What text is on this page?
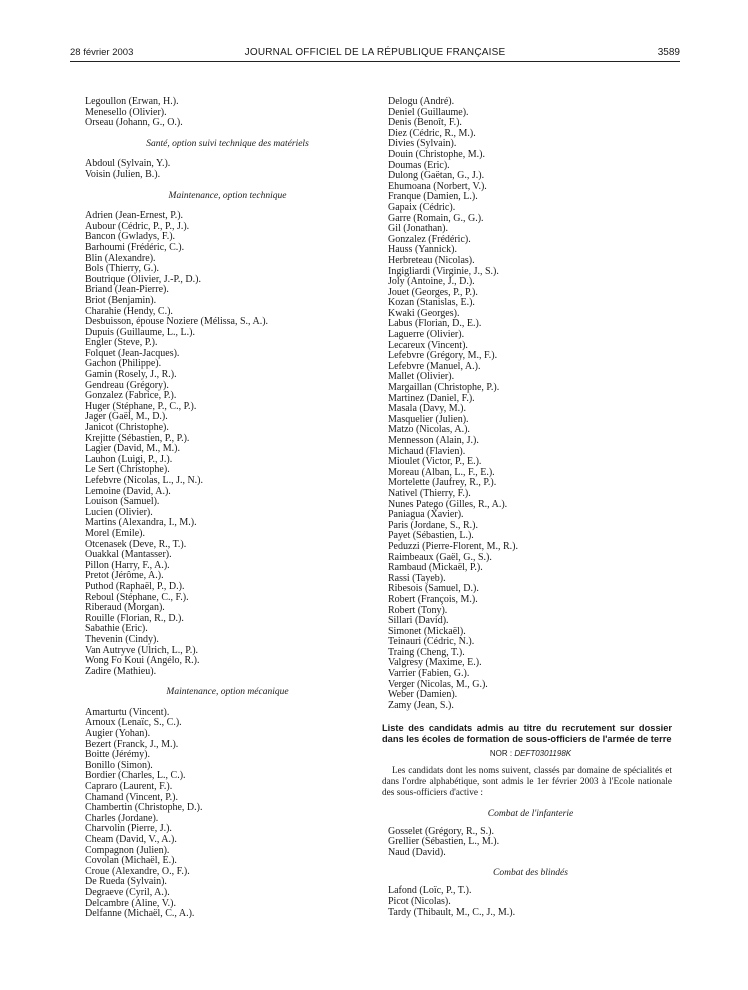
28 février 2003	JOURNAL OFFICIEL DE LA RÉPUBLIQUE FRANÇAISE	3589
Legoullon (Erwan, H.).
Menesello (Olivier).
Orseau (Johann, G., O.).
Santé, option suivi technique des matériels
Abdoul (Sylvain, Y.).
Voisin (Julien, B.).
Maintenance, option technique
Adrien (Jean-Ernest, P.).
Aubour (Cédric, P., P., J.).
Bancon (Gwladys, F.).
Barhoumi (Frédéric, C.).
Blin (Alexandre).
Bols (Thierry, G.).
Boutrique (Olivier, J.-P., D.).
Briand (Jean-Pierre).
Briot (Benjamin).
Charahie (Hendy, C.).
Desbuisson, épouse Noziere (Mélissa, S., A.).
Dupuis (Guillaume, L., L.).
Engler (Steve, P.).
Folquet (Jean-Jacques).
Gachon (Philippe).
Gamin (Rosely, J., R.).
Gendreau (Grégory).
Gonzalez (Fabrice, P.).
Huger (Stéphane, P., C., P.).
Jager (Gaël, M., D.).
Janicot (Christophe).
Krejitte (Sébastien, P., P.).
Lagier (David, M., M.).
Lauhon (Luigi, P., J.).
Le Sert (Christophe).
Lefebvre (Nicolas, L., J., N.).
Lemoine (David, A.).
Louison (Samuel).
Lucien (Olivier).
Martins (Alexandra, I., M.).
Morel (Emile).
Otcenasek (Deve, R., T.).
Ouakkal (Mantasser).
Pillon (Harry, F., A.).
Pretot (Jérôme, A.).
Puthod (Raphaël, P., D.).
Reboul (Stéphane, C., F.).
Riberaud (Morgan).
Rouille (Florian, R., D.).
Sabathie (Eric).
Thevenin (Cindy).
Van Autryve (Ulrich, L., P.).
Wong Fo Koui (Angélo, R.).
Zadire (Mathieu).
Maintenance, option mécanique
Amarturtu (Vincent).
Arnoux (Lenaïc, S., C.).
Augier (Yohan).
Bezert (Franck, J., M.).
Boitte (Jérémy).
Bonillo (Simon).
Bordier (Charles, L., C.).
Capraro (Laurent, F.).
Chamand (Vincent, P.).
Chambertin (Christophe, D.).
Charles (Jordane).
Charvolin (Pierre, J.).
Cheam (David, V., A.).
Compagnon (Julien).
Covolan (Michaël, E.).
Croue (Alexandre, O., F.).
De Rueda (Sylvain).
Degraeve (Cyril, A.).
Delcambre (Aline, V.).
Delfanne (Michaël, C., A.).
Delogu (André).
Deniel (Guillaume).
Denis (Benoît, F.).
Diez (Cédric, R., M.).
Divies (Sylvain).
Douin (Christophe, M.).
Doumas (Eric).
Dulong (Gaëtan, G., J.).
Ehumoana (Norbert, V.).
Franque (Damien, L.).
Gapaix (Cédric).
Garre (Romain, G., G.).
Gil (Jonathan).
Gonzalez (Frédéric).
Hauss (Yannick).
Herbreteau (Nicolas).
Ingigliardi (Virginie, J., S.).
Joly (Antoine, J., D.).
Jouet (Georges, P., P.).
Kozan (Stanislas, E.).
Kwaki (Georges).
Labus (Florian, D., E.).
Laguerre (Olivier).
Lecareux (Vincent).
Lefebvre (Grégory, M., F.).
Lefebvre (Manuel, A.).
Mallet (Olivier).
Margaillan (Christophe, P.).
Martinez (Daniel, F.).
Masala (Davy, M.).
Masquelier (Julien).
Matzo (Nicolas, A.).
Mennesson (Alain, J.).
Michaud (Flavien).
Mioulet (Victor, P., E.).
Moreau (Alban, L., F., E.).
Mortelette (Jaufrey, R., P.).
Nativel (Thierry, F.).
Nunes Patego (Gilles, R., A.).
Paniagua (Xavier).
Paris (Jordane, S., R.).
Payet (Sébastien, L.).
Peduzzi (Pierre-Florent, M., R.).
Raimbeaux (Gaël, G., S.).
Rambaud (Mickaël, P.).
Rassi (Tayeb).
Ribesois (Samuel, D.).
Robert (François, M.).
Robert (Tony).
Sillari (David).
Simonet (Mickaël).
Teinauri (Cédric, N.).
Traing (Cheng, T.).
Valgresy (Maxime, E.).
Varrier (Fabien, G.).
Verger (Nicolas, M., G.).
Weber (Damien).
Zamy (Jean, S.).
Liste des candidats admis au titre du recrutement sur dossier dans les écoles de formation de sous-officiers de l'armée de terre
NOR : DEFT0301198K
Les candidats dont les noms suivent, classés par domaine de spécialités et dans l'ordre alphabétique, sont admis le 1er février 2003 à l'Ecole nationale des sous-officiers d'active :
Combat de l'infanterie
Gosselet (Grégory, R., S.).
Grellier (Sébastien, L., M.).
Naud (David).
Combat des blindés
Lafond (Loïc, P., T.).
Picot (Nicolas).
Tardy (Thibault, M., C., J., M.).
